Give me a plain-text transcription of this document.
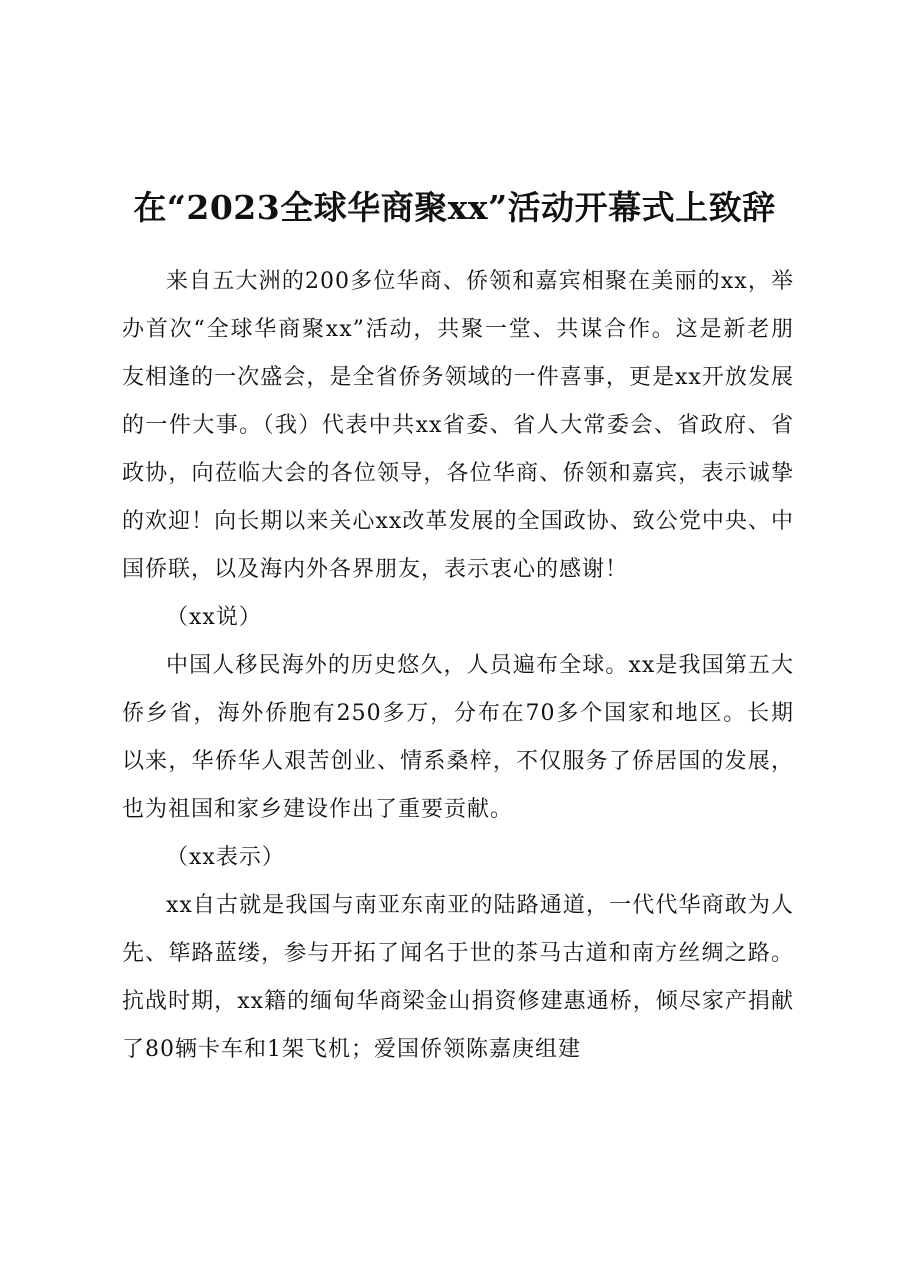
在“2023全球华商聚xx”活动开幕式上致辞

来自五大洲的200多位华商、侨领和嘉宾相聚在美丽的xx，举办首次“全球华商聚xx”活动，共聚一堂、共谋合作。这是新老朋友相逢的一次盛会，是全省侨务领域的一件喜事，更是xx开放发展的一件大事。（我）代表中共xx省委、省人大常委会、省政府、省政协，向莅临大会的各位领导，各位华商、侨领和嘉宾，表示诚挚的欢迎！向长期以来关心xx改革发展的全国政协、致公党中央、中国侨联，以及海内外各界朋友，表示衷心的感谢！

（xx说）

中国人移民海外的历史悠久，人员遍布全球。xx是我国第五大侨乡省，海外侨胞有250多万，分布在70多个国家和地区。长期以来，华侨华人艰苦创业、情系桑梓，不仅服务了侨居国的发展，也为祖国和家乡建设作出了重要贡献。

（xx表示）

xx自古就是我国与南亚东南亚的陆路通道，一代代华商敢为人先、筚路蓝缕，参与开拓了闻名于世的茶马古道和南方丝绸之路。抗战时期，xx籍的缅甸华商梁金山捐资修建惠通桥，倾尽家产捐献了80辆卡车和1架飞机；爱国侨领陈嘉庚组建
